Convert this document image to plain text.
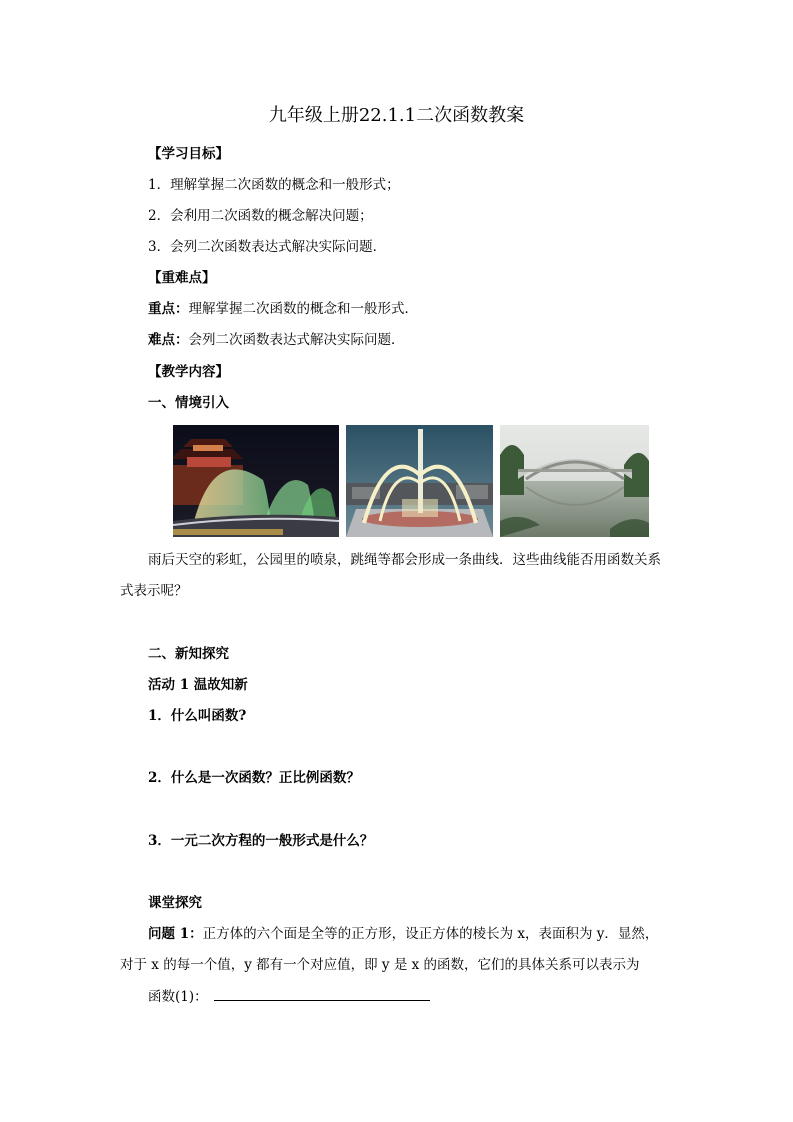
九年级上册22.1.1二次函数教案
【学习目标】
1．理解掌握二次函数的概念和一般形式；
2．会利用二次函数的概念解决问题；
3．会列二次函数表达式解决实际问题．
【重难点】
重点：理解掌握二次函数的概念和一般形式．
难点：会列二次函数表达式解决实际问题．
【教学内容】
一、情境引入
雨后天空的彩虹，公园里的喷泉，跳绳等都会形成一条曲线．这些曲线能否用函数关系
式表示呢？
二、新知探究
活动 1 温故知新
1．什么叫函数?
2．什么是一次函数？正比例函数？
3．一元二次方程的一般形式是什么？
课堂探究
问题 1：正方体的六个面是全等的正方形，设正方体的棱长为 x，表面积为 y．显然，
对于 x 的每一个值，y 都有一个对应值，即 y 是 x 的函数，它们的具体关系可以表示为
函数(1)：
